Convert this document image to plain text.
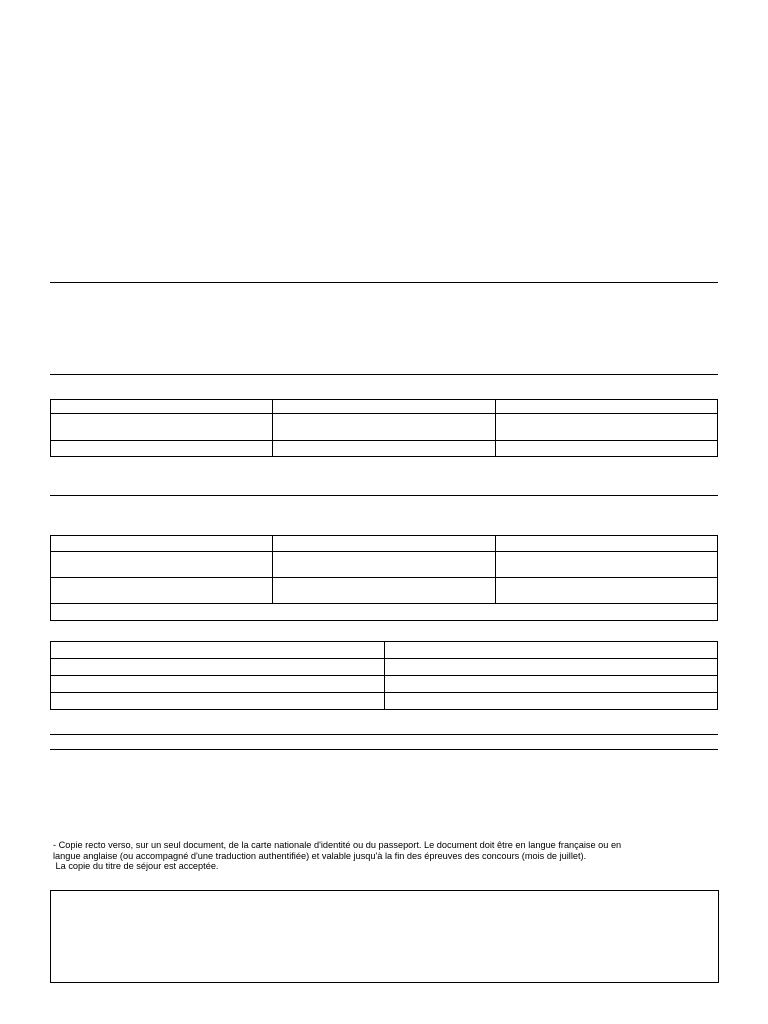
- Copie recto verso, sur un seul document, de la carte nationale d'identité ou du passeport. Le document doit être en langue française ou en
langue anglaise (ou accompagné d'une traduction authentifiée) et valable jusqu'à la fin des épreuves des concours (mois de juillet).
La copie du titre de séjour est acceptée.
